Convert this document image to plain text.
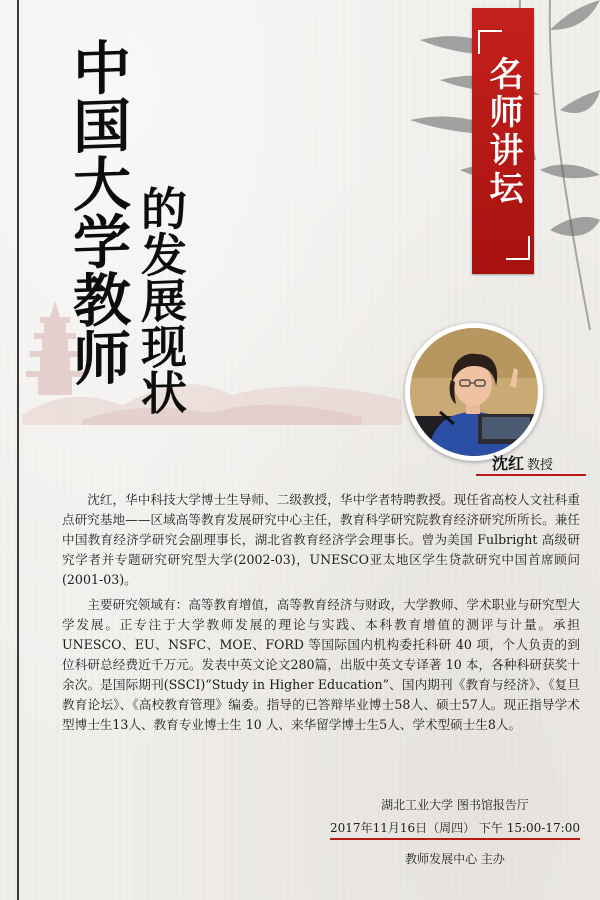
中国大学教师 的发展现状
名师讲坛
沈红 教授

沈红，华中科技大学博士生导师、二级教授，华中学者特聘教授。现任省高校人文社科重点研究基地——区域高等教育发展研究中心主任，教育科学研究院教育经济研究所所长。兼任中国教育经济学研究会副理事长，湖北省教育经济学会理事长。曾为美国 Fulbright 高级研究学者并专题研究研究型大学(2002-03)，UNESCO亚太地区学生贷款研究中国首席顾问(2001-03)。

主要研究领域有：高等教育增值，高等教育经济与财政，大学教师、学术职业与研究型大学发展。正专注于大学教师发展的理论与实践、本科教育增值的测评与计量。承担 UNESCO、EU、NSFC、MOE、FORD 等国际国内机构委托科研 40 项，个人负责的到位科研总经费近千万元。发表中英文论文280篇，出版中英文专译著 10 本，各种科研获奖十余次。是国际期刊(SSCI)“Study in Higher Education”、国内期刊《教育与经济》、《复旦教育论坛》、《高校教育管理》编委。指导的已答辩毕业博士58人、硕士57人。现正指导学术型博士生13人、教育专业博士生 10 人、来华留学博士生5人、学术型硕士生8人。

湖北工业大学 图书馆报告厅
2017年11月16日（周四） 下午 15:00-17:00
教师发展中心 主办
